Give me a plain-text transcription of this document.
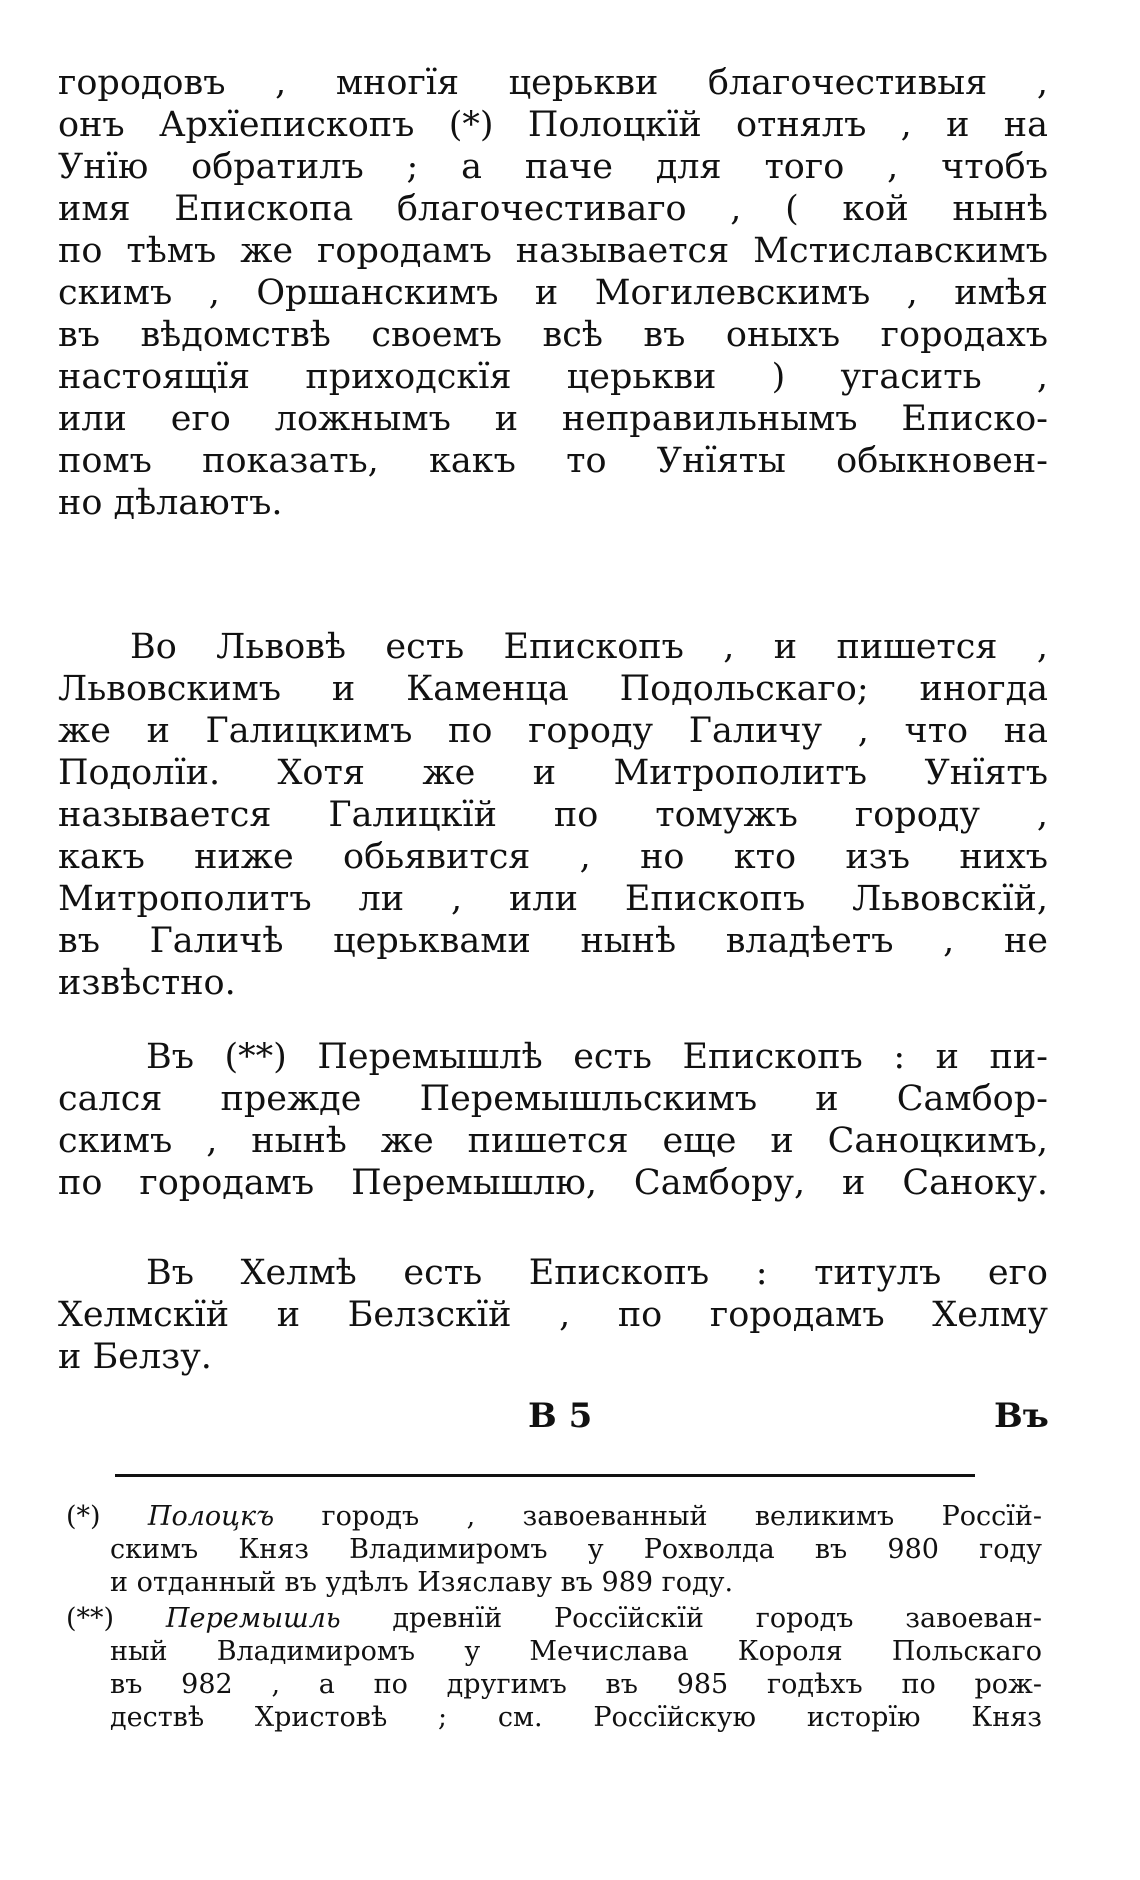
городовъ , многїя церькви благочестивыя ,
онъ Архїепископъ (*) Полоцкїй отнялъ , и на
Унїю обратилъ ; а паче для того , чтобъ
имя Епископа благочестиваго , ( кой нынѣ
по тѣмъ же городамъ называется Мстиславскимъ
скимъ , Оршанскимъ и Могилевскимъ , имѣя
въ вѣдомствѣ своемъ всѣ въ оныхъ городахъ
настоящїя приходскїя церькви ) угасить ,
или его ложнымъ и неправильнымъ Еписко-
помъ показать, какъ то Унїяты обыкновен-
но дѣлаютъ.
Во Львовѣ есть Епископъ , и пишется ,
Львовскимъ и Каменца Подольскаго; иногда
же и Галицкимъ по городу Галичу , что на
Подолїи. Хотя же и Митрополитъ Унїятъ
называется Галицкїй по томужъ городу ,
какъ ниже обьявится , но кто изъ нихъ
Митрополитъ ли , или Епископъ Львовскїй,
въ Галичѣ церьквами нынѣ владѣетъ , не
извѣстно.
Въ (**) Перемышлѣ есть Епископъ : и пи-
сался прежде Перемышльскимъ и Самбор-
скимъ , нынѣ же пишется еще и Саноцкимъ,
по городамъ Перемышлю, Самбору, и Саноку.
Въ Хелмѣ есть Епископъ : титулъ его
Хелмскїй и Белзскїй , по городамъ Хелму
и Белзу.
В 5	Въ
(*) Полоцкъ городъ , завоеванный великимъ Россїй-
скимъ Княз Владимиромъ у Рохволда въ 980 году
и отданный въ удѣлъ Изяславу въ 989 году.
(**) Перемышль древнїй Россїйскїй городъ завоеван-
ный Владимиромъ у Мечислава Короля Польскаго
въ 982 , а по другимъ въ 985 годѣхъ по рож-
деcтвѣ Христовѣ ; см. Россїйскую исторїю Княз
